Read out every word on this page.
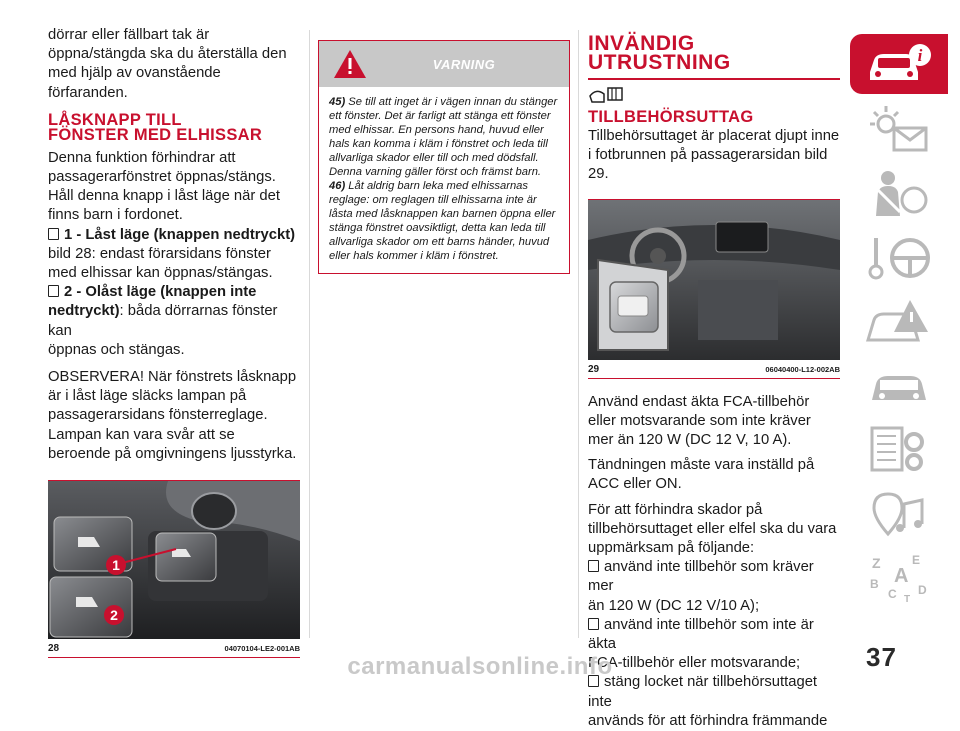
dörrar eller fällbart tak är öppna/stängda ska du återställa den med hjälp av ovanstående förfaranden.

LÅSKNAPP TILL
FÖNSTER MED ELHISSAR

Denna funktion förhindrar att passagerarfönstret öppnas/stängs. Håll denna knapp i låst läge när det finns barn i fordonet.

1 - Låst läge (knappen nedtryckt)

bild 28: endast förarsidans fönster med elhissar kan öppnas/stängas.

2 - Olåst läge (knappen inte

nedtryckt): båda dörrarnas fönster kan
öppnas och stängas.

OBSERVERA! När fönstrets låsknapp är i låst läge släcks lampan på passagerarsidans fönsterreglage. Lampan kan vara svår att se beroende på omgivningens ljusstyrka.

1
2
28	04070104-LE2-001AB
VARNING

45) Se till att inget är i vägen innan du stänger ett fönster. Det är farligt att stänga ett fönster med elhissar. En persons hand, huvud eller hals kan komma i kläm i fönstret och leda till allvarliga skador eller till och med dödsfall. Denna varning gäller först och främst barn.

46) Låt aldrig barn leka med elhissarnas reglage: om reglagen till elhissarna inte är låsta med låsknappen kan barnen öppna eller stänga fönstret oavsiktligt, detta kan leda till allvarliga skador om ett barns händer, huvud eller hals kommer i kläm i fönstret.

INVÄNDIG
UTRUSTNING
TILLBEHÖRSUTTAG

Tillbehörsuttaget är placerat djupt inne i fotbrunnen på passagerarsidan bild 29.

29	06040400-L12-002AB

Använd endast äkta FCA-tillbehör eller motsvarande som inte kräver mer än 120 W (DC 12 V, 10 A).

Tändningen måste vara inställd på ACC eller ON.

För att förhindra skador på tillbehörsuttaget eller elfel ska du vara uppmärksam på följande:

använd inte tillbehör som kräver mer

än 120 W (DC 12 V/10 A);

använd inte tillbehör som inte är äkta

FCA-tillbehör eller motsvarande;

stäng locket när tillbehörsuttaget inte

används för att förhindra främmande

i
Z	E
B
C
A
D
T
37
carmanualsonline.info
